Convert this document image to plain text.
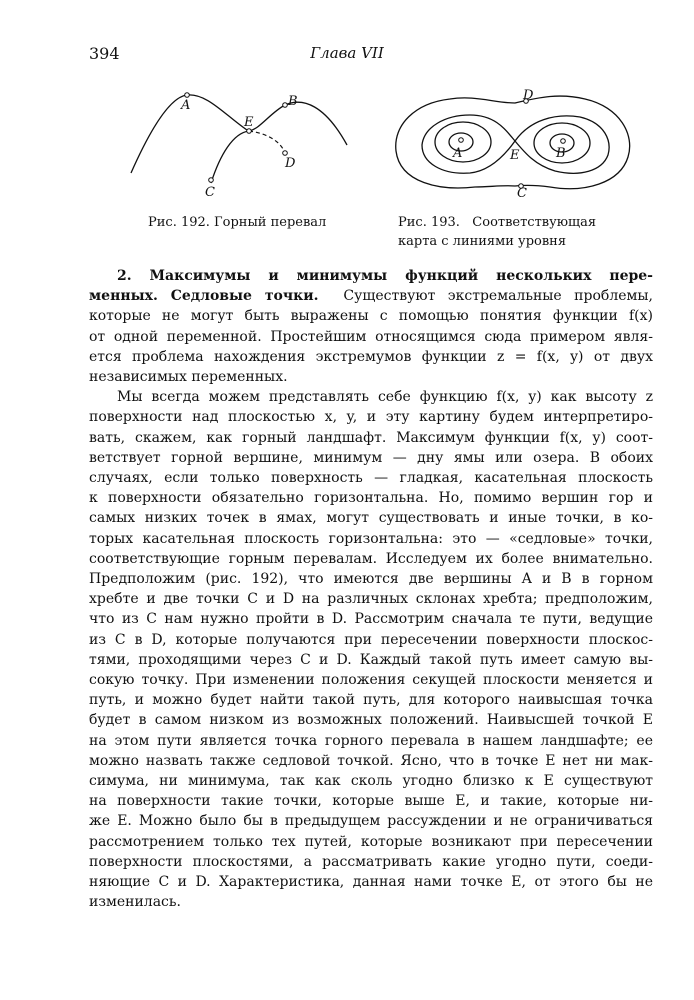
394	Глава VII
A	B
C
D
E
Рис. 192. Горный перевал
A	B
C
D
E
Рис. 193.   Соответствующая
карта с линиями уровня

2. Максимумы и минимумы функций нескольких пере-
менных. Седловые точки. Существуют экстремальные проблемы,
которые не могут быть выражены с помощью понятия функции f(x)
от одной переменной. Простейшим относящимся сюда примером явля-
ется проблема нахождения экстремумов функции z = f(x, y) от двух
независимых переменных.

Мы всегда можем представлять себе функцию f(x, y) как высоту z
поверхности над плоскостью x, y, и эту картину будем интерпретиро-
вать, скажем, как горный ландшафт. Максимум функции f(x, y) соот-
ветствует горной вершине, минимум — дну ямы или озера. В обоих
случаях, если только поверхность — гладкая, касательная плоскость
к поверхности обязательно горизонтальна. Но, помимо вершин гор и
самых низких точек в ямах, могут существовать и иные точки, в ко-
торых касательная плоскость горизонтальна: это — «седловые» точки,
соответствующие горным перевалам. Исследуем их более внимательно.
Предположим (рис. 192), что имеются две вершины A и B в горном
хребте и две точки C и D на различных склонах хребта; предположим,
что из C нам нужно пройти в D. Рассмотрим сначала те пути, ведущие
из C в D, которые получаются при пересечении поверхности плоскос-
тями, проходящими через C и D. Каждый такой путь имеет самую вы-
сокую точку. При изменении положения секущей плоскости меняется и
путь, и можно будет найти такой путь, для которого наивысшая точка
будет в самом низком из возможных положений. Наивысшей точкой E
на этом пути является точка горного перевала в нашем ландшафте; ее
можно назвать также седловой точкой. Ясно, что в точке E нет ни мак-
симума, ни минимума, так как сколь угодно близко к E существуют
на поверхности такие точки, которые выше E, и такие, которые ни-
же E. Можно было бы в предыдущем рассуждении и не ограничиваться
рассмотрением только тех путей, которые возникают при пересечении
поверхности плоскостями, а рассматривать какие угодно пути, соеди-
няющие C и D. Характеристика, данная нами точке E, от этого бы не
изменилась.
